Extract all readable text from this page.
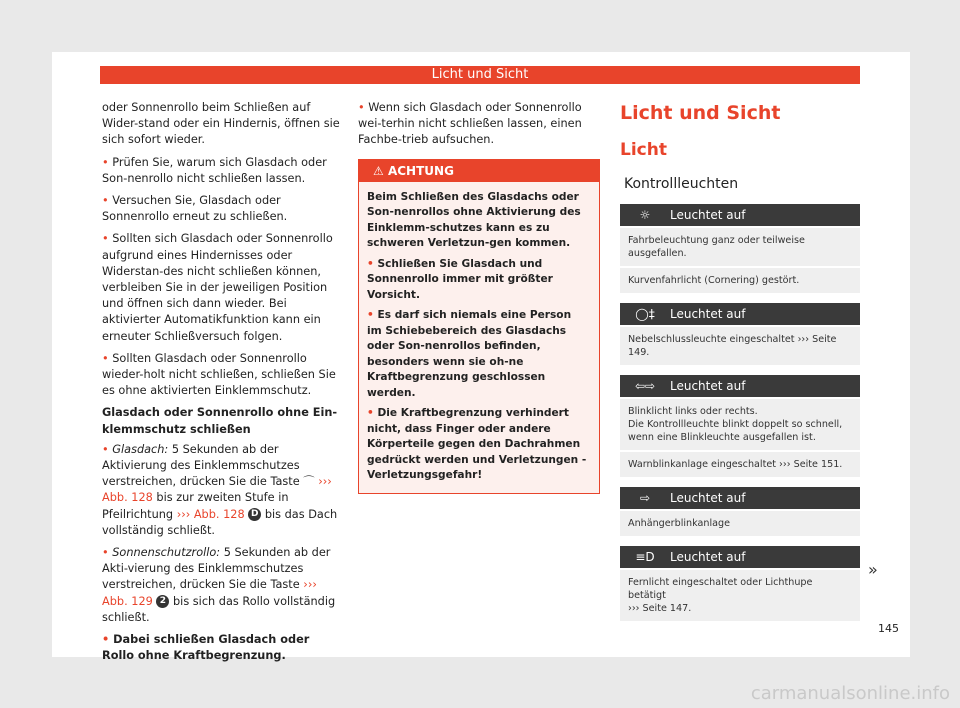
Licht und Sicht

oder Sonnenrollo beim Schließen auf Wider-stand oder ein Hindernis, öffnen sie sich sofort wieder.

• Prüfen Sie, warum sich Glasdach oder Son-nenrollo nicht schließen lassen.

• Versuchen Sie, Glasdach oder Sonnenrollo erneut zu schließen.

• Sollten sich Glasdach oder Sonnenrollo aufgrund eines Hindernisses oder Widerstan-des nicht schließen können, verbleiben Sie in der jeweiligen Position und öffnen sich dann wieder. Bei aktivierter Automatikfunktion kann ein erneuter Schließversuch folgen.

• Sollten Glasdach oder Sonnenrollo wieder-holt nicht schließen, schließen Sie es ohne aktivierten Einklemmschutz.

Glasdach oder Sonnenrollo ohne Ein-klemmschutz schließen

• Glasdach: 5 Sekunden ab der Aktivierung des Einklemmschutzes verstreichen, drücken Sie die Taste ⌒ ››› Abb. 128 bis zur zweiten Stufe in Pfeilrichtung ››› Abb. 128 D bis das Dach vollständig schließt.

• Sonnenschutzrollo: 5 Sekunden ab der Akti-vierung des Einklemmschutzes verstreichen, drücken Sie die Taste ››› Abb. 129 2 bis sich das Rollo vollständig schließt.

• Dabei schließen Glasdach oder Rollo ohne Kraftbegrenzung.

• Wenn sich Glasdach oder Sonnenrollo wei-terhin nicht schließen lassen, einen Fachbe-trieb aufsuchen.

⚠ ACHTUNG

Beim Schließen des Glasdachs oder Son-nenrollos ohne Aktivierung des Einklemm-schutzes kann es zu schweren Verletzun-gen kommen.

• Schließen Sie Glasdach und Sonnenrollo immer mit größter Vorsicht.

• Es darf sich niemals eine Person im Schiebebereich des Glasdachs oder Son-nenrollos befinden, besonders wenn sie oh-ne Kraftbegrenzung geschlossen werden.

• Die Kraftbegrenzung verhindert nicht, dass Finger oder andere Körperteile gegen den Dachrahmen gedrückt werden und Verletzungen - Verletzungsgefahr!

Licht und Sicht
Licht
Kontrollleuchten
☼	Leuchtet auf
Fahrbeleuchtung ganz oder teilweise ausgefallen.
Kurvenfahrlicht (Cornering) gestört.
◯‡	Leuchtet auf
Nebelschlussleuchte eingeschaltet ››› Seite 149.
⇦⇨	Leuchtet auf
Blinklicht links oder rechts.
Die Kontrollleuchte blinkt doppelt so schnell, wenn eine Blinkleuchte ausgefallen ist.
Warnblinkanlage eingeschaltet ››› Seite 151.
⇨	Leuchtet auf
Anhängerblinkanlage
≡D	Leuchtet auf
Fernlicht eingeschaltet oder Lichthupe betätigt
››› Seite 147.
»
145
carmanualsonline.info
